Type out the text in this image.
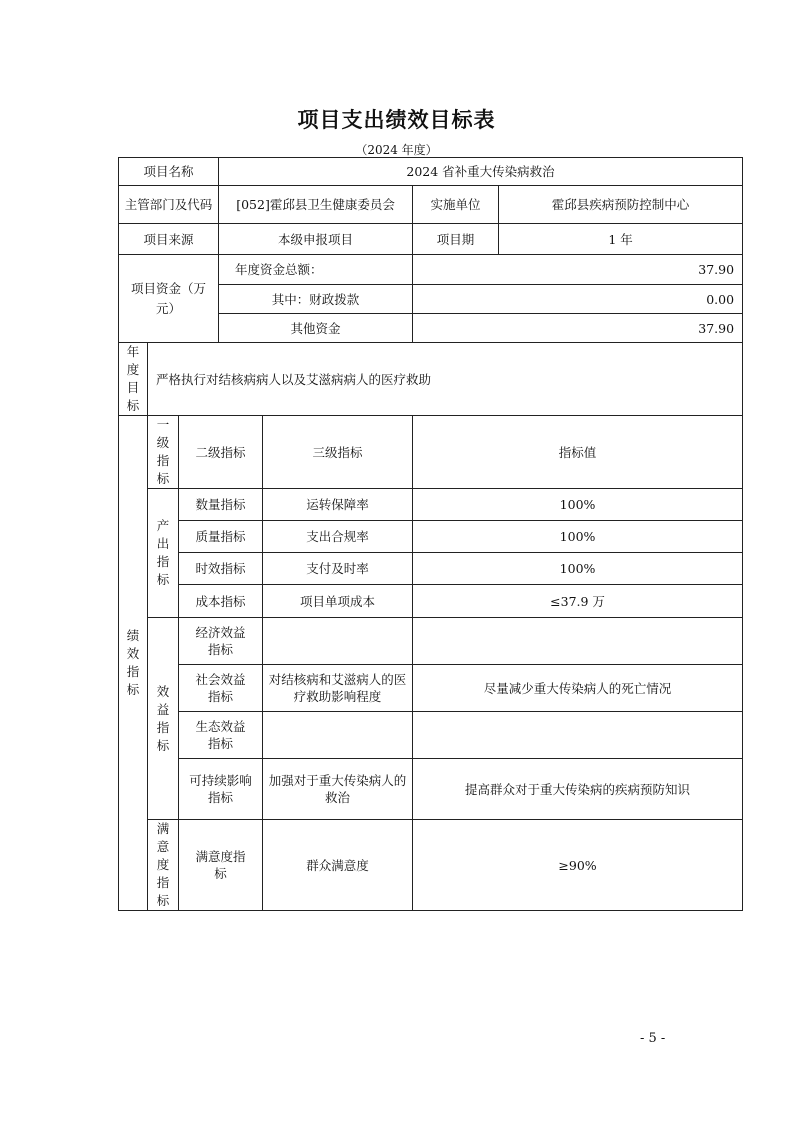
项目支出绩效目标表
（2024 年度）
项目名称			2024 省补重大传染病救治			
主管部门及代码			[052]霍邱县卫生健康委员会		实施单位	霍邱县疾病预防控制中心
项目来源			本级申报项目		项目期	1 年

项目资金（万元）			年度资金总额：		37.90	
			其中：财政拨款		0.00	
			其他资金		37.90	
年度目标	严格执行对结核病病人以及艾滋病病人的医疗救助					
绩效指标	一级指标	二级指标		三级指标	指标值	
	产出指标	数量指标		运转保障率	100%	
		质量指标		支出合规率	100%	
		时效指标		支付及时率	100%	
		成本指标		项目单项成本	≤37.9 万	
	效益指标	经济效益指标				

		社会效益指标		对结核病和艾滋病人的医疗救助影响程度	尽量减少重大传染病人的死亡情况	

		生态效益指标				

		可持续影响指标		加强对于重大传染病人的救治	提高群众对于重大传染病的疾病预防知识	
	满意度指标	满意度指标		群众满意度	≥90%	
- 5 -
